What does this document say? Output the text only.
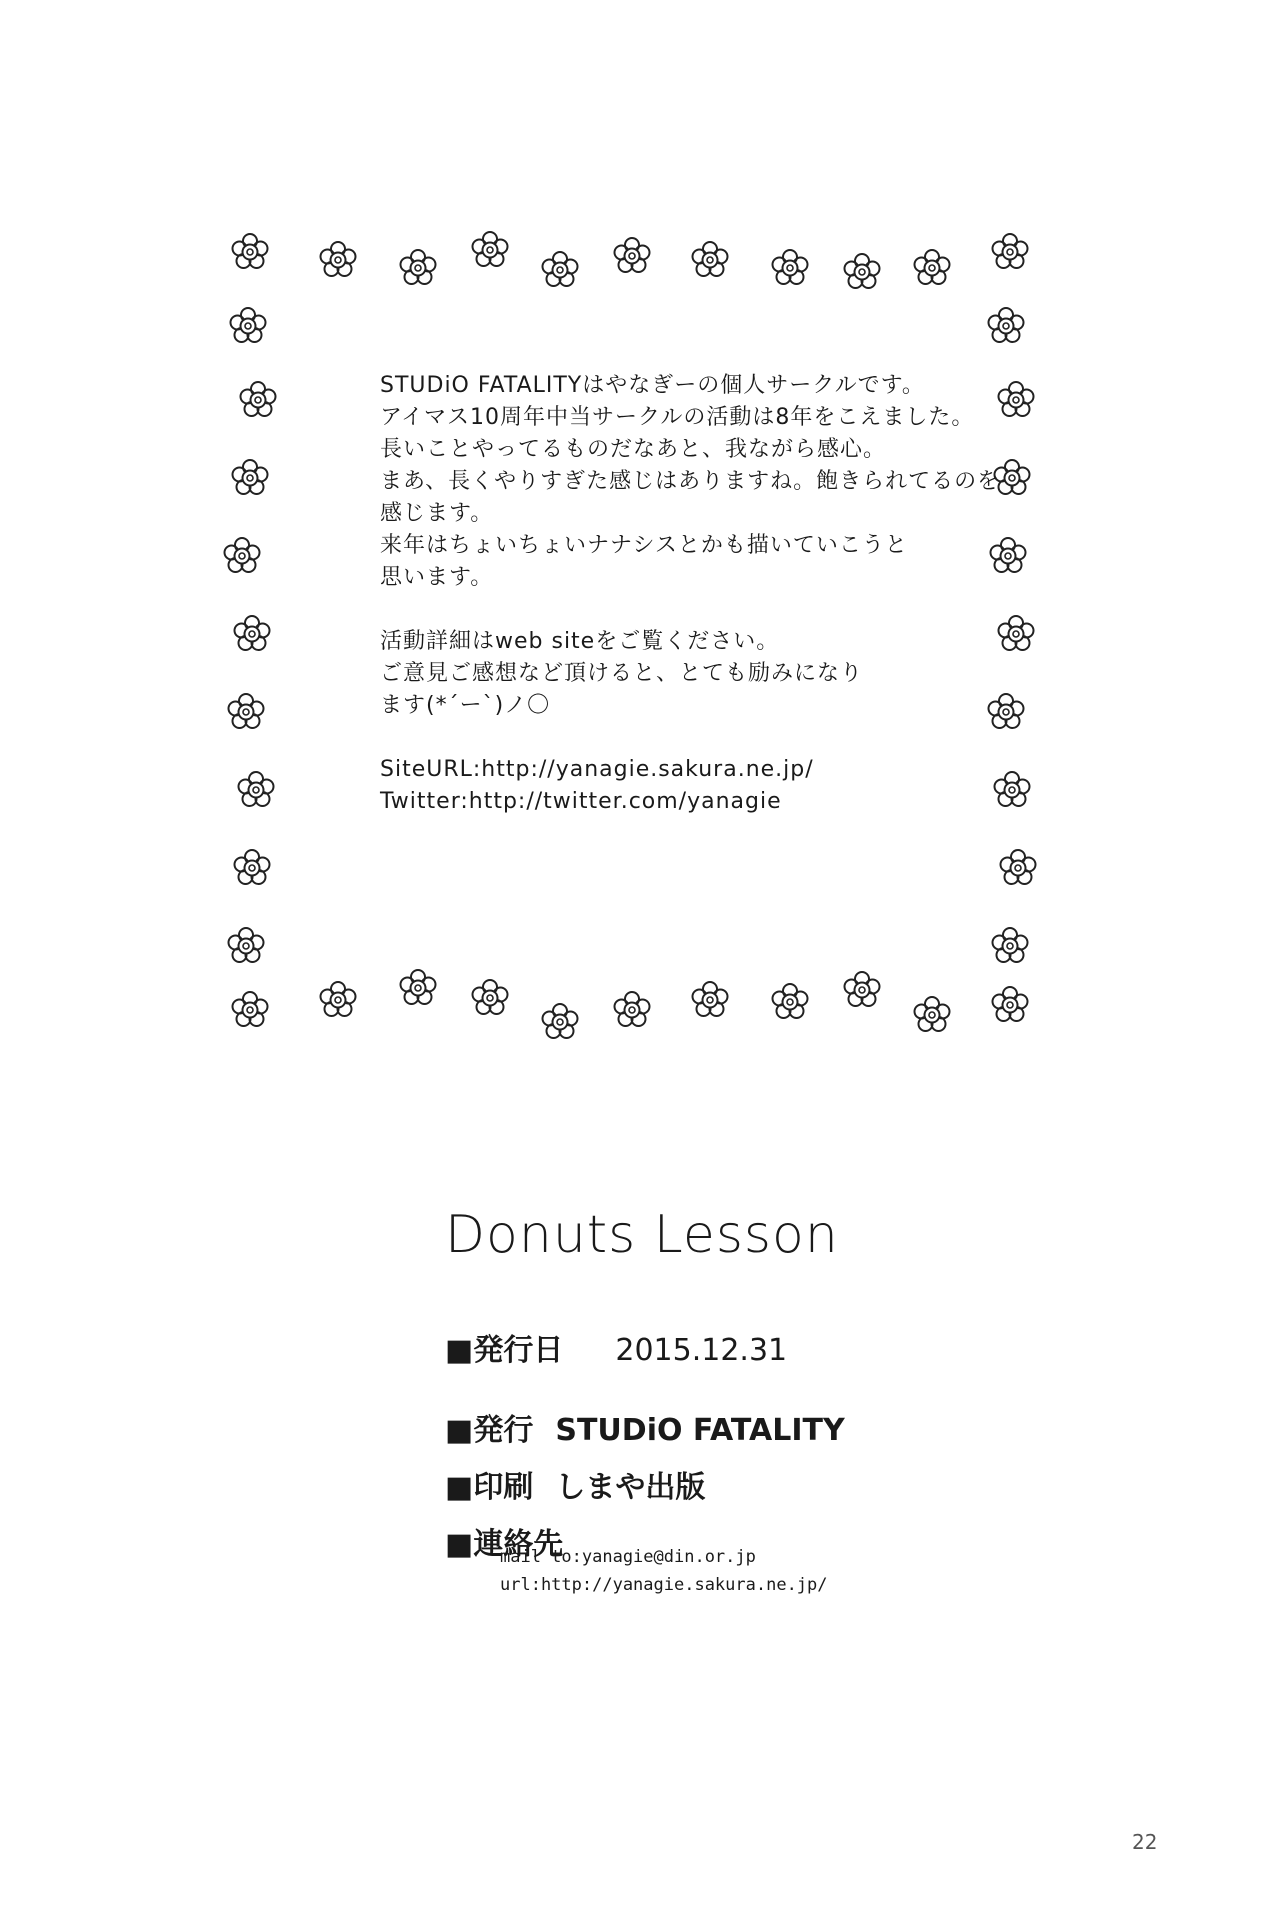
STUDiO FATALITYはやなぎーの個人サークルです。
アイマス10周年中当サークルの活動は8年をこえました。
長いことやってるものだなあと、我ながら感心。
まあ、長くやりすぎた感じはありますね。飽きられてるのを
感じます。
来年はちょいちょいナナシスとかも描いていこうと
思います。
活動詳細はweb siteをご覧ください。
ご意見ご感想など頂けると、とても励みになり
ます(*´ー`)ノ〇
SiteURL:http://yanagie.sakura.ne.jp/
Twitter:http://twitter.com/yanagie
Donuts Lesson
■発行日 2015.12.31
■発行 STUDiO FATALITY
■印刷 しまや出版
■連絡先
mail to:yanagie@din.or.jp
url:http://yanagie.sakura.ne.jp/
22
